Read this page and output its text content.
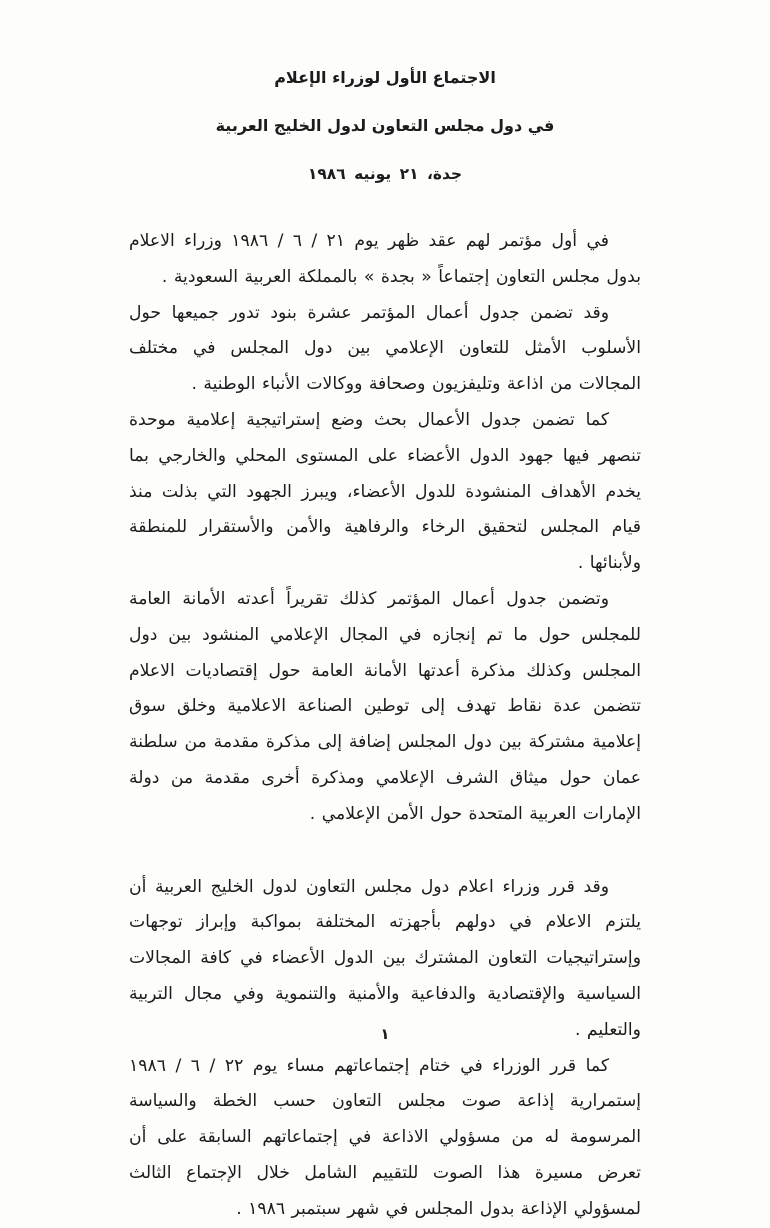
الاجتماع الأول لوزراء الإعلام
في دول مجلس التعاون لدول الخليج العربية
جدة، ٢١ يونيه ١٩٨٦

في أول مؤتمر لهم عقد ظهر يوم ٢١ / ٦ / ١٩٨٦ وزراء الاعلام بدول مجلس التعاون إجتماعاً « بجدة » بالمملكة العربية السعودية .

وقد تضمن جدول أعمال المؤتمر عشرة بنود تدور جميعها حول الأسلوب الأمثل للتعاون الإعلامي بين دول المجلس في مختلف المجالات من اذاعة وتليفزيون وصحافة ووكالات الأنباء الوطنية .

كما تضمن جدول الأعمال بحث وضع إستراتيجية إعلامية موحدة تنصهر فيها جهود الدول الأعضاء على المستوى المحلي والخارجي بما يخدم الأهداف المنشودة للدول الأعضاء، ويبرز الجهود التي بذلت منذ قيام المجلس لتحقيق الرخاء والرفاهية والأمن والأستقرار للمنطقة ولأبنائها .

وتضمن جدول أعمال المؤتمر كذلك تقريراً أعدته الأمانة العامة للمجلس حول ما تم إنجازه في المجال الإعلامي المنشود بين دول المجلس وكذلك مذكرة أعدتها الأمانة العامة حول إقتصاديات الاعلام تتضمن عدة نقاط تهدف إلى توطين الصناعة الاعلامية وخلق سوق إعلامية مشتركة بين دول المجلس إضافة إلى مذكرة مقدمة من سلطنة عمان حول ميثاق الشرف الإعلامي ومذكرة أخرى مقدمة من دولة الإمارات العربية المتحدة حول الأمن الإعلامي .

وقد قرر وزراء اعلام دول مجلس التعاون لدول الخليج العربية أن يلتزم الاعلام في دولهم بأجهزته المختلفة بمواكبة وإبراز توجهات وإستراتيجيات التعاون المشترك بين الدول الأعضاء في كافة المجالات السياسية والإقتصادية والدفاعية والأمنية والتنموية وفي مجال التربية والتعليم .

كما قرر الوزراء في ختام إجتماعاتهم مساء يوم ٢٢ / ٦ / ١٩٨٦ إستمرارية إذاعة صوت مجلس التعاون حسب الخطة والسياسة المرسومة له من مسؤولي الاذاعة في إجتماعاتهم السابقة على أن تعرض مسيرة هذا الصوت للتقييم الشامل خلال الإجتماع الثالث لمسؤولي الإذاعة بدول المجلس في شهر سبتمبر ١٩٨٦ .

١
